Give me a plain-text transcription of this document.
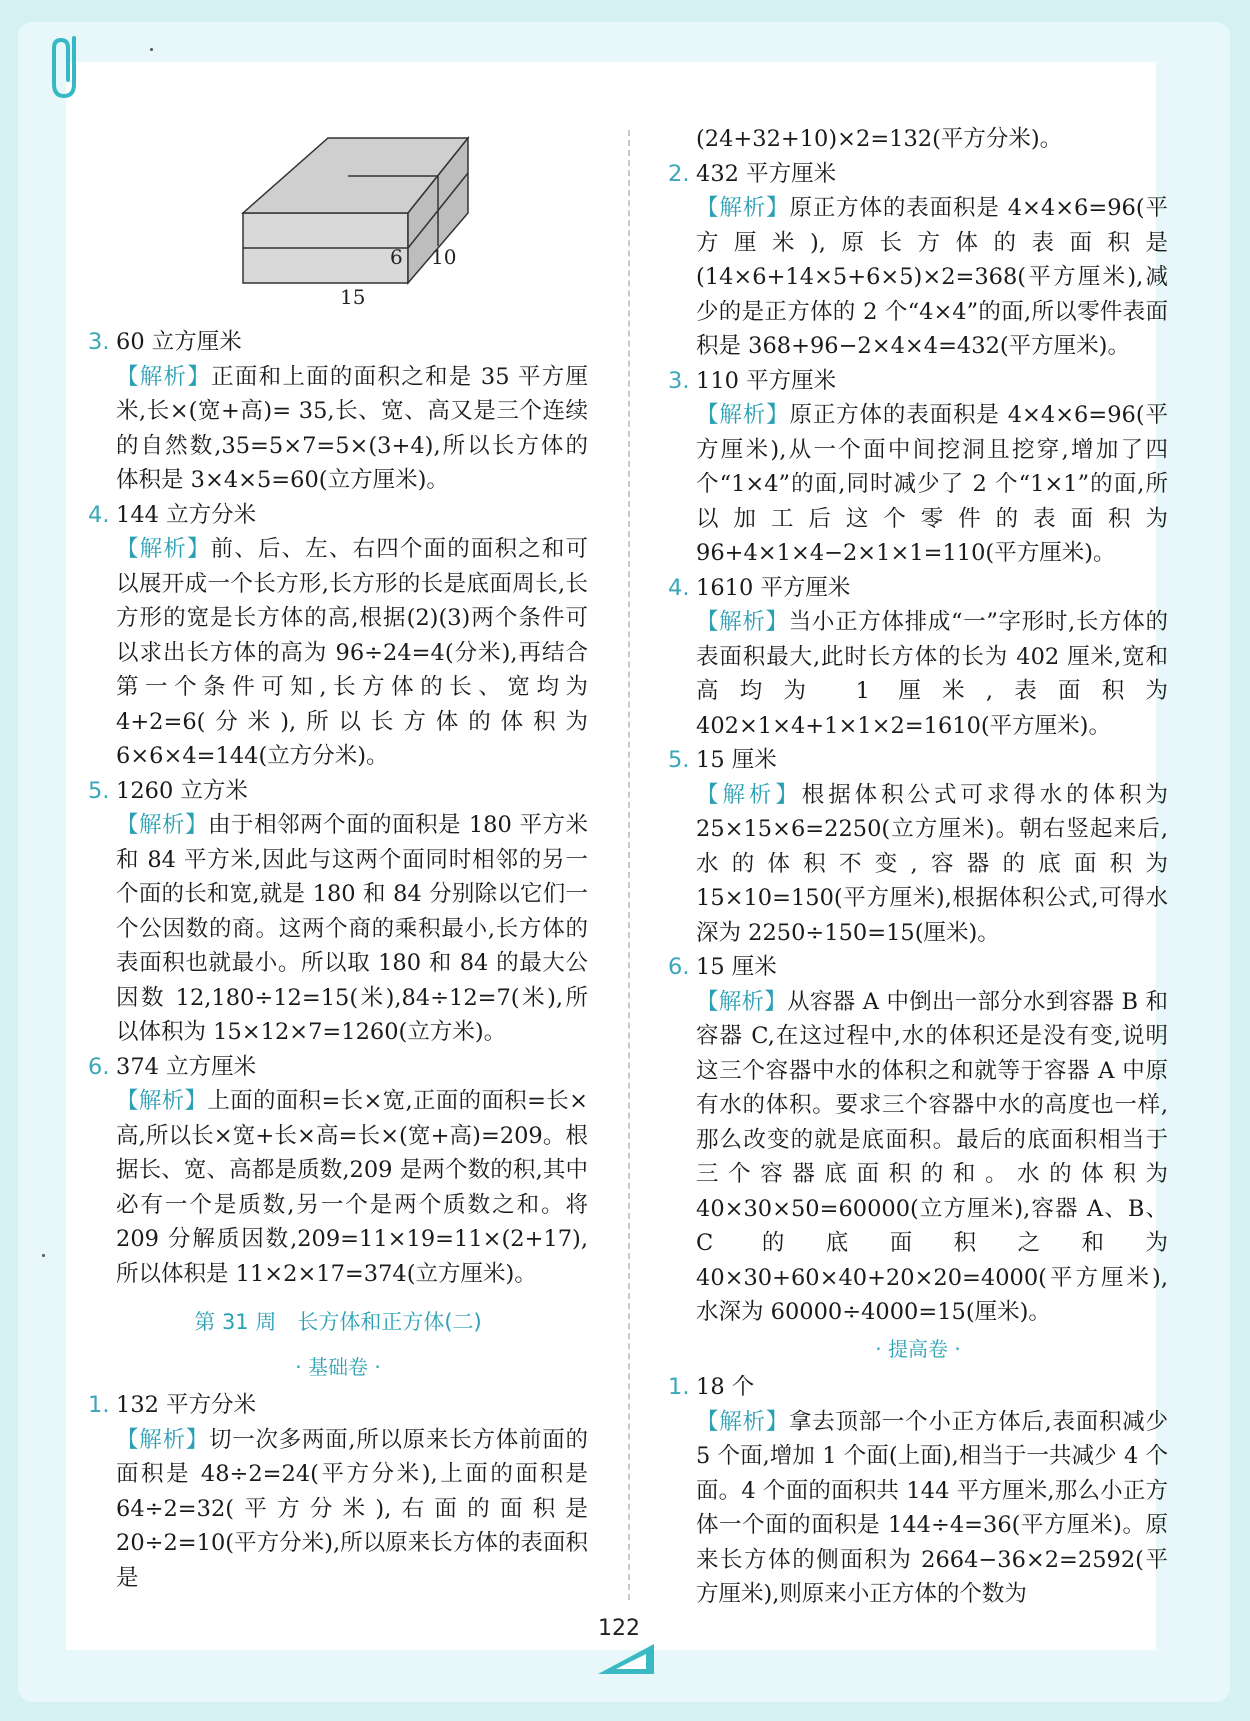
6 10
15
3. 60 立方厘米
【解析】正面和上面的面积之和是 35 平方厘米,长×(宽+高)= 35,长、宽、高又是三个连续的自然数,35=5×7=5×(3+4),所以长方体的体积是 3×4×5=60(立方厘米)。
4. 144 立方分米
【解析】前、后、左、右四个面的面积之和可以展开成一个长方形,长方形的长是底面周长,长方形的宽是长方体的高,根据(2)(3)两个条件可以求出长方体的高为 96÷24=4(分米),再结合第一个条件可知,长方体的长、宽均为 4+2=6(分米),所以长方体的体积为 6×6×4=144(立方分米)。
5. 1260 立方米
【解析】由于相邻两个面的面积是 180 平方米和 84 平方米,因此与这两个面同时相邻的另一个面的长和宽,就是 180 和 84 分别除以它们一个公因数的商。这两个商的乘积最小,长方体的表面积也就最小。所以取 180 和 84 的最大公因数 12,180÷12=15(米),84÷12=7(米),所以体积为 15×12×7=1260(立方米)。
6. 374 立方厘米
【解析】上面的面积=长×宽,正面的面积=长×高,所以长×宽+长×高=长×(宽+高)=209。根据长、宽、高都是质数,209 是两个数的积,其中必有一个是质数,另一个是两个质数之和。将 209 分解质因数,209=11×19=11×(2+17),所以体积是 11×2×17=374(立方厘米)。
第 31 周　长方体和正方体(二)
· 基础卷 ·
1. 132 平方分米
【解析】切一次多两面,所以原来长方体前面的面积是 48÷2=24(平方分米),上面的面积是 64÷2=32(平方分米),右面的面积是 20÷2=10(平方分米),所以原来长方体的表面积是
(24+32+10)×2=132(平方分米)。
2. 432 平方厘米
【解析】原正方体的表面积是 4×4×6=96(平方厘米),原长方体的表面积是(14×6+14×5+6×5)×2=368(平方厘米),减少的是正方体的 2 个“4×4”的面,所以零件表面积是 368+96−2×4×4=432(平方厘米)。
3. 110 平方厘米
【解析】原正方体的表面积是 4×4×6=96(平方厘米),从一个面中间挖洞且挖穿,增加了四个“1×4”的面,同时减少了 2 个“1×1”的面,所以加工后这个零件的表面积为 96+4×1×4−2×1×1=110(平方厘米)。
4. 1610 平方厘米
【解析】当小正方体排成“一”字形时,长方体的表面积最大,此时长方体的长为 402 厘米,宽和高均为 1 厘米,表面积为 402×1×4+1×1×2=1610(平方厘米)。
5. 15 厘米
【解析】根据体积公式可求得水的体积为 25×15×6=2250(立方厘米)。朝右竖起来后,水的体积不变,容器的底面积为 15×10=150(平方厘米),根据体积公式,可得水深为 2250÷150=15(厘米)。
6. 15 厘米
【解析】从容器 A 中倒出一部分水到容器 B 和容器 C,在这过程中,水的体积还是没有变,说明这三个容器中水的体积之和就等于容器 A 中原有水的体积。要求三个容器中水的高度也一样,那么改变的就是底面积。最后的底面积相当于三个容器底面积的和。水的体积为 40×30×50=60000(立方厘米),容器 A、B、C 的底面积之和为 40×30+60×40+20×20=4000(平方厘米),水深为 60000÷4000=15(厘米)。
· 提高卷 ·
1. 18 个
【解析】拿去顶部一个小正方体后,表面积减少 5 个面,增加 1 个面(上面),相当于一共减少 4 个面。4 个面的面积共 144 平方厘米,那么小正方体一个面的面积是 144÷4=36(平方厘米)。原来长方体的侧面积为 2664−36×2=2592(平方厘米),则原来小正方体的个数为
122
